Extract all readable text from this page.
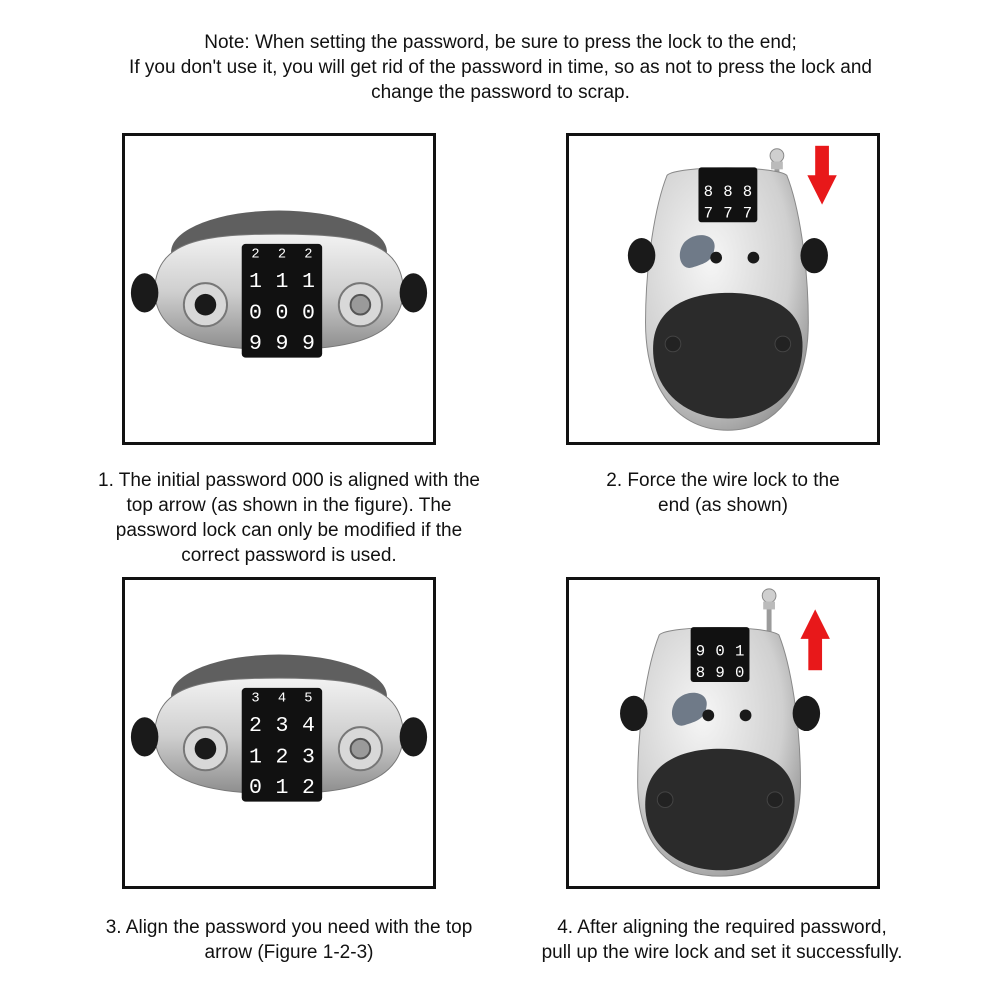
Note: When setting the password, be sure to press the lock to the end;
If you don't use it, you will get rid of the password in time, so as not to press the lock and
change the password to scrap.
2 2 2
1 1 1
0 0 0
9 9 9
1. The initial password 000 is aligned with the
top arrow (as shown in the figure). The
password lock can only be modified if the
correct password is used.
8 8 8
7 7 7
2. Force the wire lock to the
end (as shown)
3 4 5
2 3 4
1 2 3
0 1 2
3. Align the password you need with the top
arrow (Figure 1-2-3)
9 0 1
8 9 0
4. After aligning the required password,
pull up the wire lock and set it successfully.
